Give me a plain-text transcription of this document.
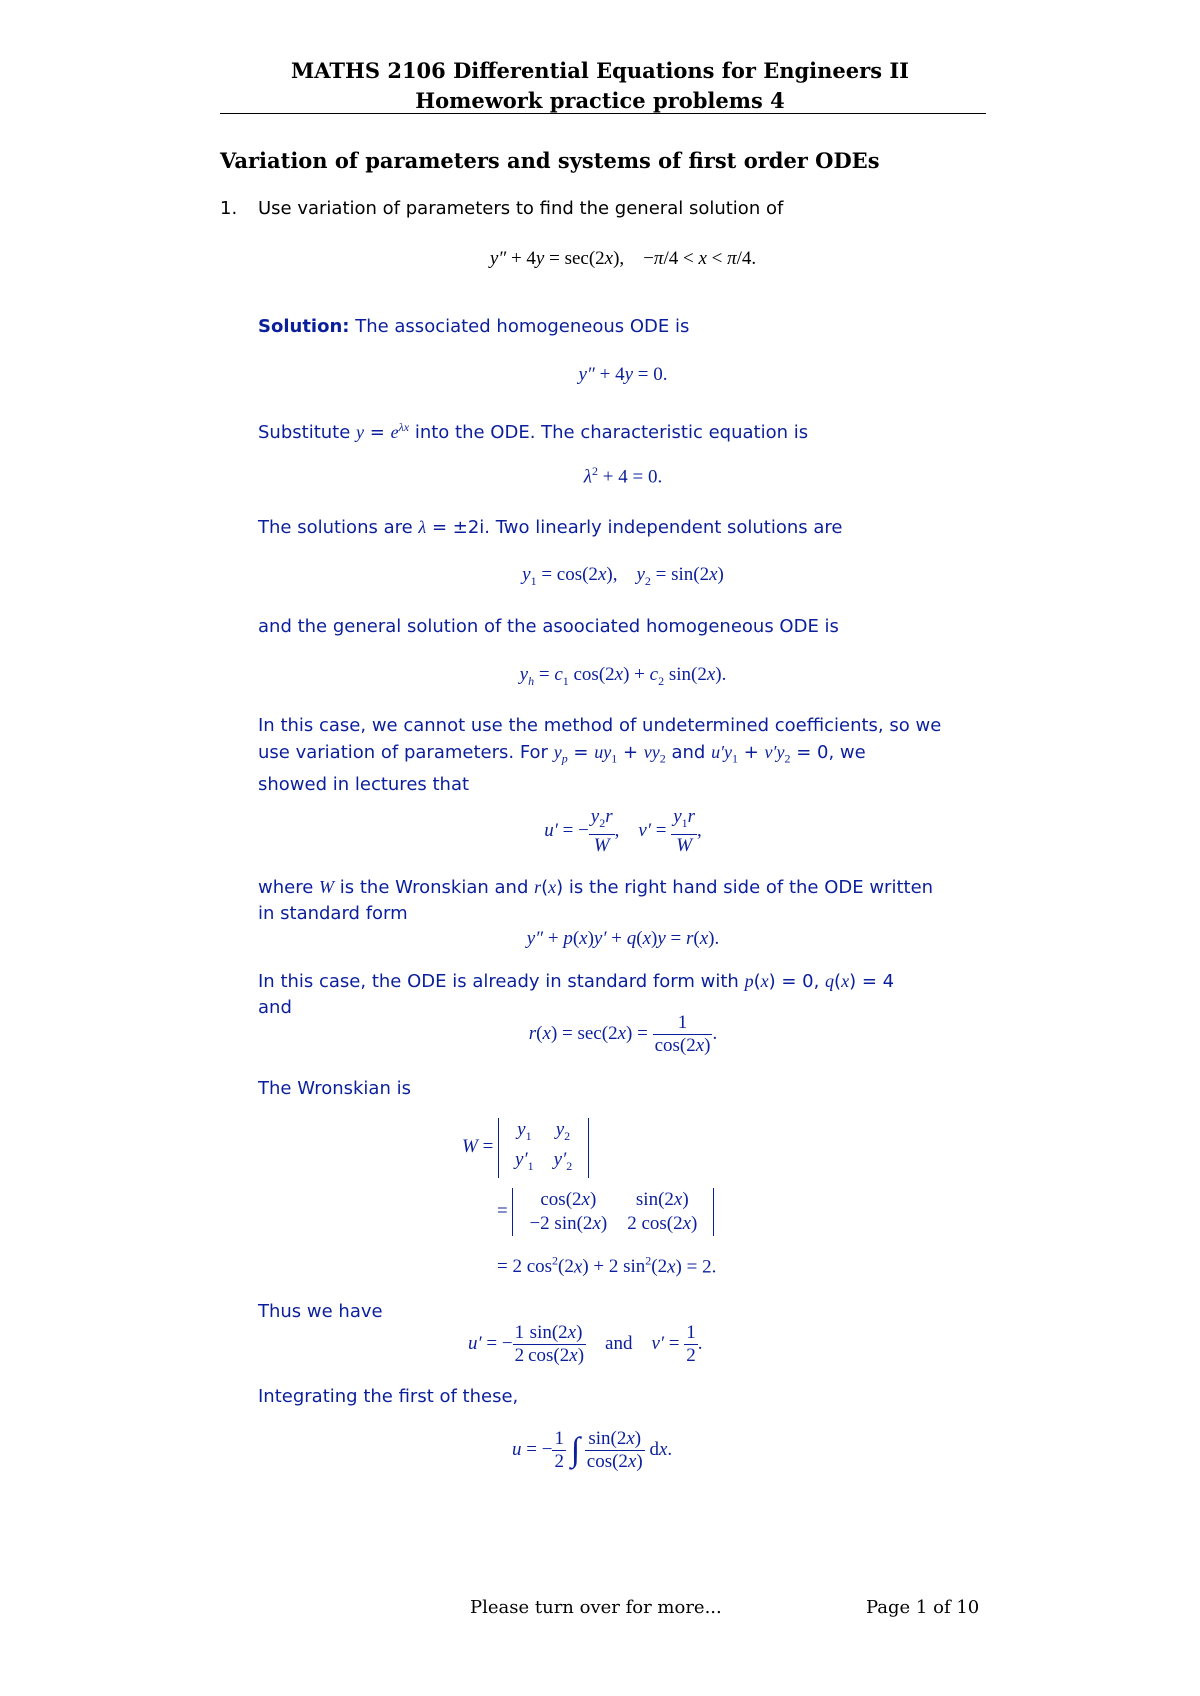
MATHS 2106 Differential Equations for Engineers II
Homework practice problems 4
Variation of parameters and systems of first order ODEs
1. Use variation of parameters to find the general solution of
y″ + 4y = sec(2x), −π/4 < x < π/4.
Solution: The associated homogeneous ODE is
y″ + 4y = 0.
Substitute $y = e^{\lambda x}$ into the ODE. The characteristic equation is
$\lambda^2 + 4 = 0$.
The solutions are λ = ±2i. Two linearly independent solutions are
$y_1 = \cos(2x)$,    $y_2 = \sin(2x)$
and the general solution of the asoociated homogeneous ODE is
$y_h = c_1$ $\cos(2x) + c_2$ sin(2x).
In this case, we cannot use the method of undetermined coefficients, so we
use variation of parameters. For $y_p = uy_1 + vy_2$ and $u'y_1 + v'y_2 = 0$, we
showed in lectures that
u′ = − $\frac{y_2r}{W}$ ,    $v' = \frac{y_1r}{W}$ ,
where W is the Wronskian and r(x) is the right hand side of the ODE written
in standard form
y″ + p(x)y′ + q(x)y = r(x).
In this case, the ODE is already in standard form with p(x) = 0, q(x) = 4
and
$r(x) = \sec(2x) = \frac{1}{\cos(2x)}$ .
The Wronskian is
W =
$y_1$	$y_2$
$y'_1$	$y'_2$
=
cos(2x)	sin(2x)
−2 sin(2x)	2 cos(2x)
= 2 $\cos^2(2x) + 2$ $\sin^2(2x) = 2$.
Thus we have
u′ = − $\frac{1}{2} \frac{\sin(2x)}{\cos(2x)}$ and    $v' = \frac{1}{2}$ .
Integrating the first of these,
u = − $\frac{1}{2}$ ∫ $\frac{\sin(2x)}{\cos(2x)}$ dx.
Please turn over for more...	Page 1 of 10
